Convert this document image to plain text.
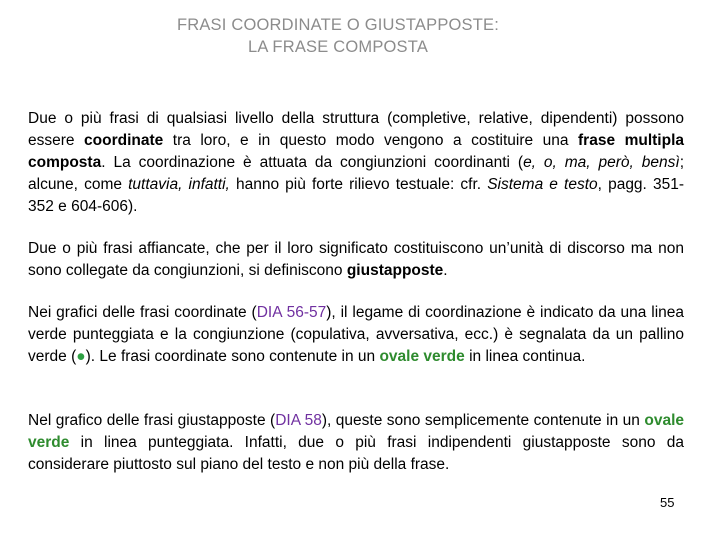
FRASI COORDINATE O GIUSTAPPOSTE:
LA FRASE COMPOSTA

Due o più frasi di qualsiasi livello della struttura (completive, relative, dipendenti) possono essere coordinate tra loro, e in questo modo vengono a costituire una frase multipla composta. La coordinazione è attuata da congiunzioni coordinanti (e, o, ma, però, bensì; alcune, come tuttavia, infatti, hanno più forte rilievo testuale: cfr. Sistema e testo, pagg. 351-352 e 604-606).

Due o più frasi affiancate, che per il loro significato costituiscono un’unità di discorso ma non sono collegate da congiunzioni, si definiscono giustapposte.

Nei grafici delle frasi coordinate (DIA 56-57), il legame di coordinazione è indicato da una linea verde punteggiata e la congiunzione (copulativa, avversativa, ecc.) è segnalata da un pallino verde (●). Le frasi coordinate sono contenute in un ovale verde in linea continua.

Nel grafico delle frasi giustapposte (DIA 58), queste sono semplicemente contenute in un ovale verde in linea punteggiata. Infatti, due o più frasi indipendenti giustapposte sono da considerare piuttosto sul piano del testo e non più della frase.

55
